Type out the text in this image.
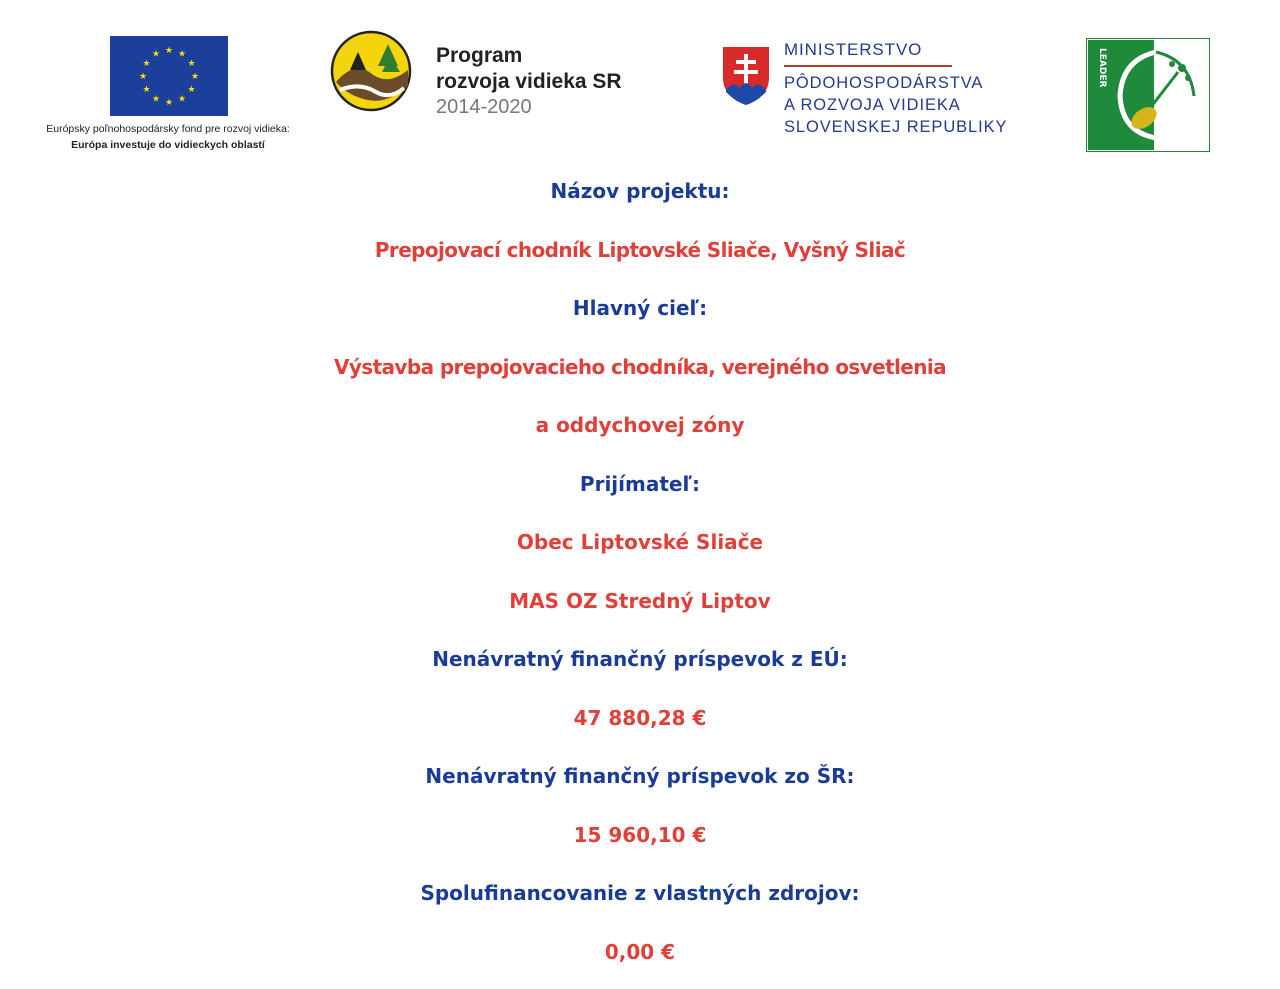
★ ★
★
★
★
★
★
★
★
★
★
★
Európsky poľnohospodársky fond pre rozvoj vidieka:
Európa investuje do vidieckych oblastí
Program
rozvoja vidieka SR
2014-2020
MINISTERSTVO
PÔDOHOSPODÁRSTVA
A ROZVOJA VIDIEKA
SLOVENSKEJ REPUBLIKY
LEADER
Názov projektu:
Prepojovací chodník Liptovské Sliače, Vyšný Sliač
Hlavný cieľ:
Výstavba prepojovacieho chodníka, verejného osvetlenia
a oddychovej zóny
Prijímateľ:
Obec Liptovské Sliače
MAS OZ Stredný Liptov
Nenávratný finančný príspevok z EÚ:
47 880,28 €
Nenávratný finančný príspevok zo ŠR:
15 960,10 €
Spolufinancovanie z vlastných zdrojov:
0,00 €
